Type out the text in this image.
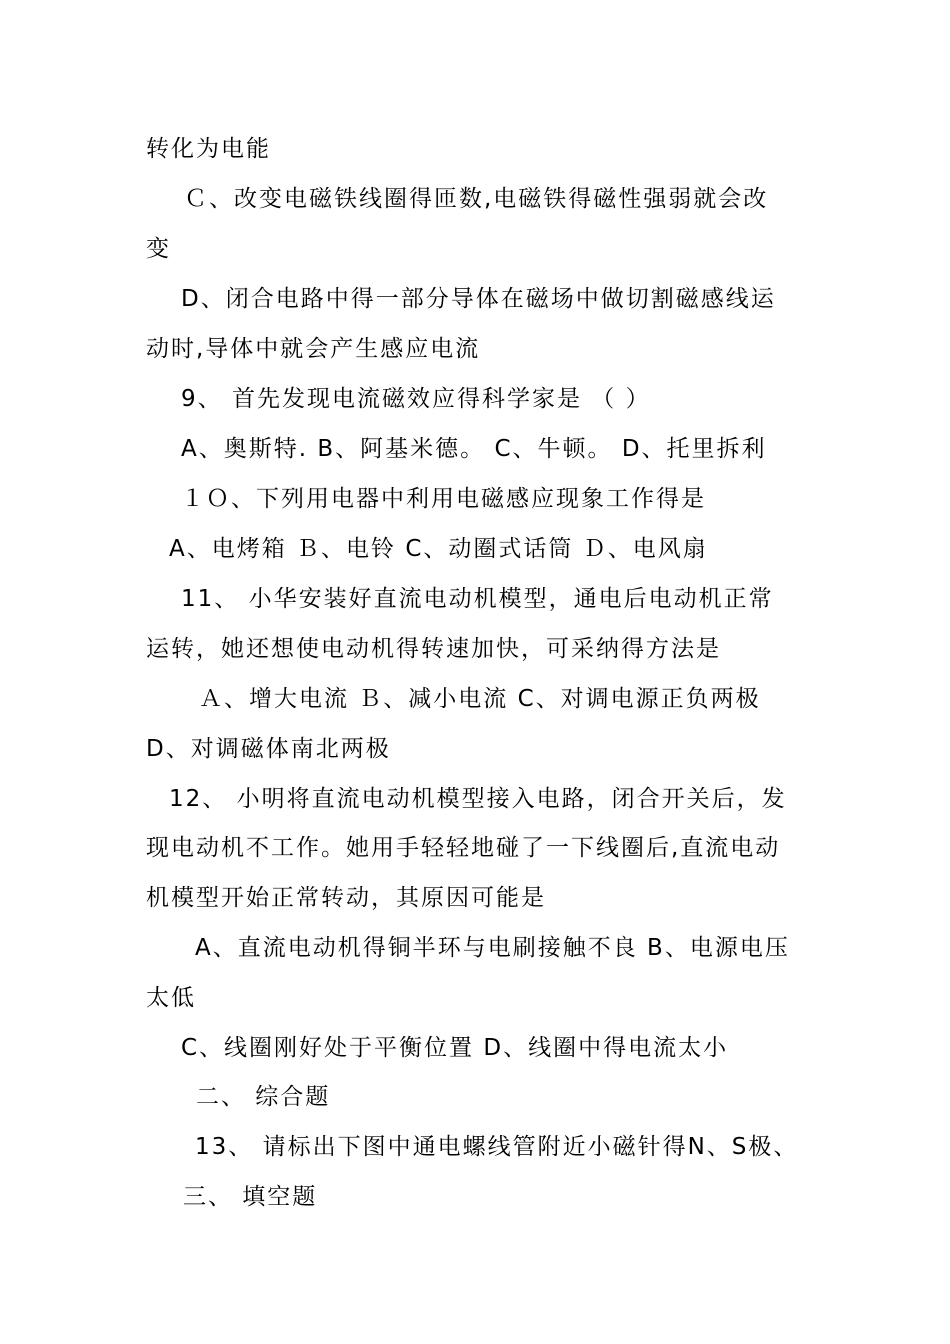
转化为电能
Ｃ、改变电磁铁线圈得匝数,电磁铁得磁性强弱就会改
变
D、闭合电路中得一部分导体在磁场中做切割磁感线运
动时,导体中就会产生感应电流
9、 首先发现电流磁效应得科学家是 （ ）
A、奥斯特. B、阿基米德。 C、牛顿。 D、托里拆利
１Ｏ、下列用电器中利用电磁感应现象工作得是
A、电烤箱 Ｂ、电铃 C、动圈式话筒 Ｄ、电风扇
11、 小华安装好直流电动机模型，通电后电动机正常
运转，她还想使电动机得转速加快，可采纳得方法是
Ａ、增大电流 Ｂ、减小电流 C、对调电源正负两极
D、对调磁体南北两极
12、 小明将直流电动机模型接入电路，闭合开关后，发
现电动机不工作。她用手轻轻地碰了一下线圈后,直流电动
机模型开始正常转动，其原因可能是
A、直流电动机得铜半环与电刷接触不良 B、电源电压
太低
C、线圈刚好处于平衡位置 D、线圈中得电流太小
二、 综合题
13、 请标出下图中通电螺线管附近小磁针得N、S极、
三、 填空题
